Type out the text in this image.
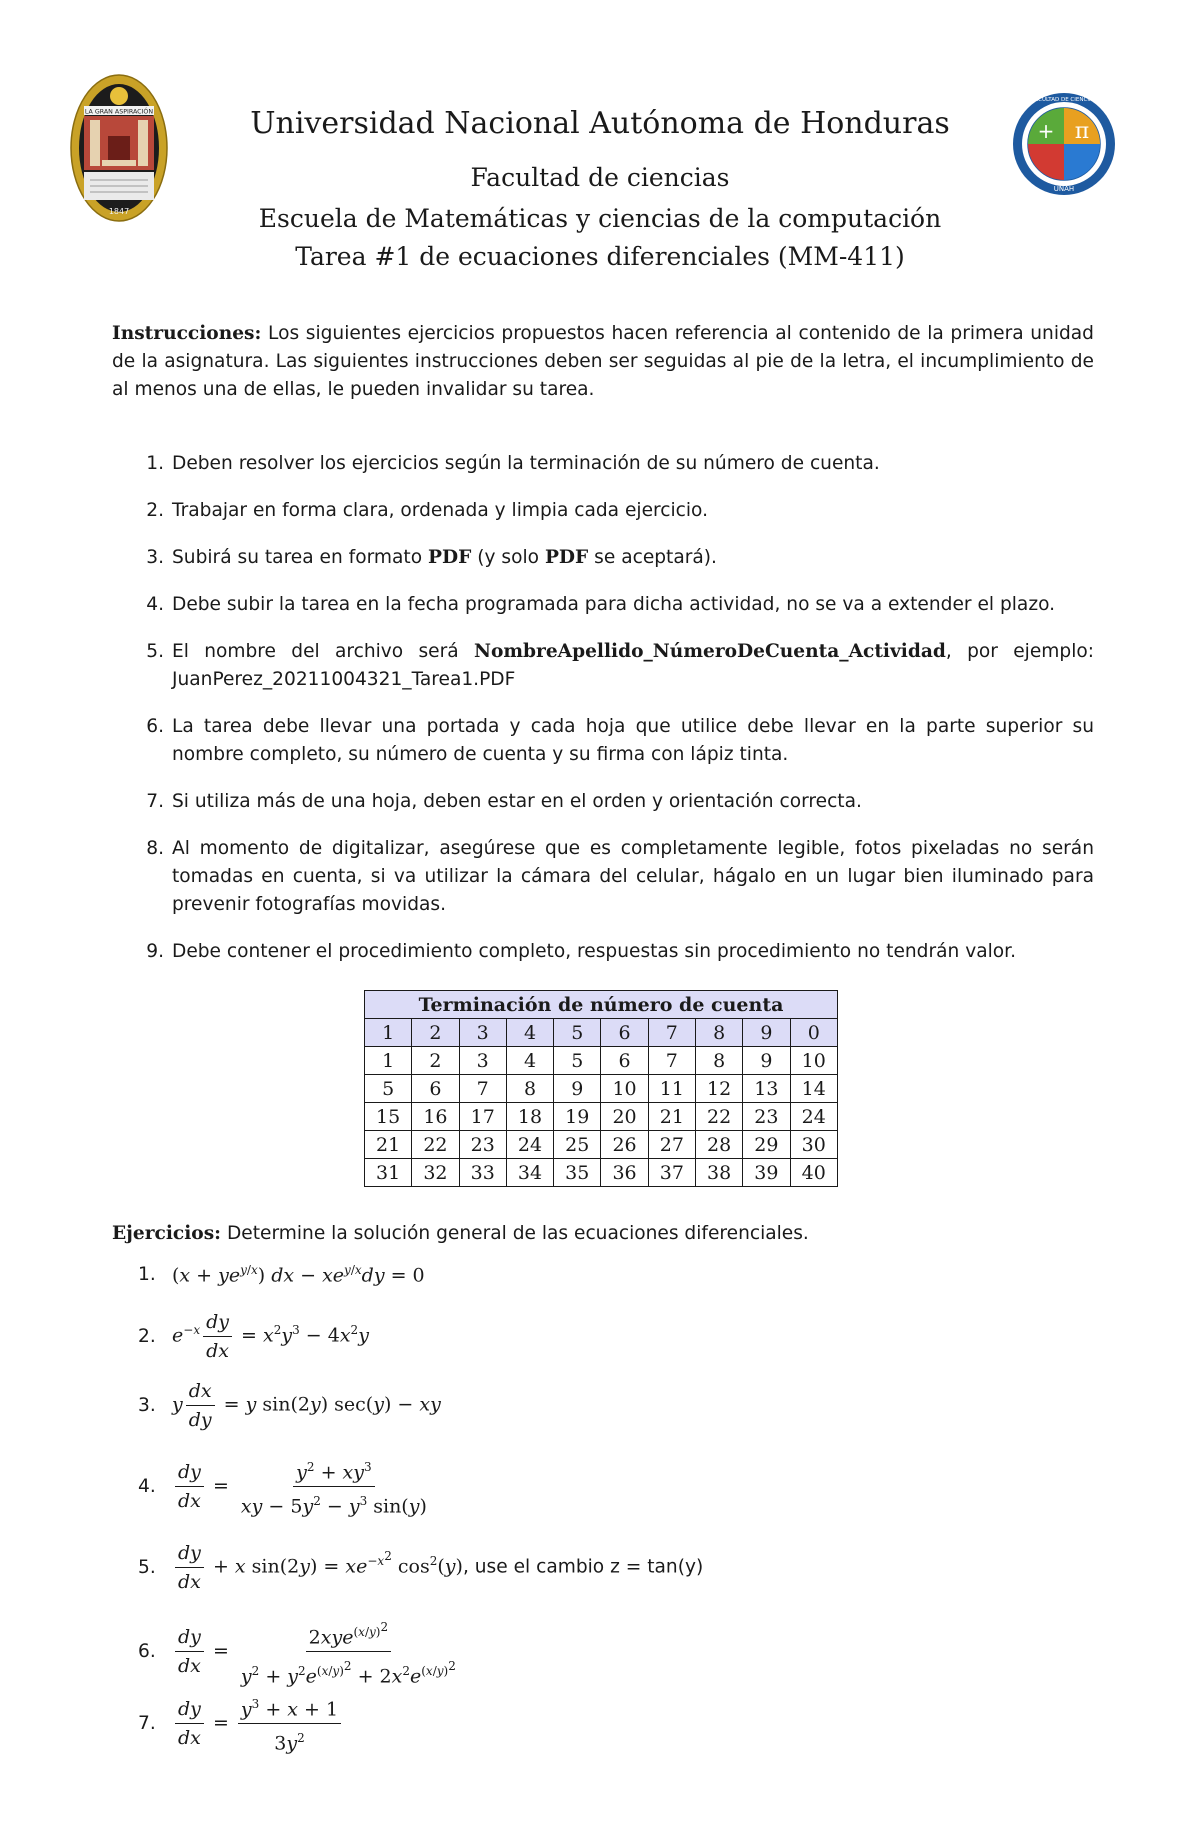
LA GRAN ASPIRACIÓN
1847
π
+
FACULTAD DE CIENCIAS
UNAH
Universidad Nacional Autónoma de Honduras
Facultad de ciencias
Escuela de Matemáticas y ciencias de la computación
Tarea #1 de ecuaciones diferenciales (MM-411)
Instrucciones: Los siguientes ejercicios propuestos hacen referencia al contenido de la primera unidad de la asignatura. Las siguientes instrucciones deben ser seguidas al pie de la letra, el incumplimiento de al menos una de ellas, le pueden invalidar su tarea.
1. Deben resolver los ejercicios según la terminación de su número de cuenta.
2. Trabajar en forma clara, ordenada y limpia cada ejercicio.
3. Subirá su tarea en formato PDF (y solo PDF se aceptará).
4. Debe subir la tarea en la fecha programada para dicha actividad, no se va a extender el plazo.
5. El nombre del archivo será NombreApellido_NúmeroDeCuenta_Actividad, por ejemplo: JuanPerez_20211004321_Tarea1.PDF
6. La tarea debe llevar una portada y cada hoja que utilice debe llevar en la parte superior su nombre completo, su número de cuenta y su firma con lápiz tinta.
7. Si utiliza más de una hoja, deben estar en el orden y orientación correcta.
8. Al momento de digitalizar, asegúrese que es completamente legible, fotos pixeladas no serán tomadas en cuenta, si va utilizar la cámara del celular, hágalo en un lugar bien iluminado para prevenir fotografías movidas.
9. Debe contener el procedimiento completo, respuestas sin procedimiento no tendrán valor.
Terminación de número de cuenta									
1	2	3	4	5	6	7	8	9	0
1	2	3	4	5	6	7	8	9	10
5	6	7	8	9	10	11	12	13	14
15	16	17	18	19	20	21	22	23	24
21	22	23	24	25	26	27	28	29	30
31	32	33	34	35	36	37	38	39	40
Ejercicios: Determine la solución general de las ecuaciones diferenciales.
1. $(x + ye^{y/x})$ dx − $xe^{y/x}dy = 0$
2. $e^{-x} \frac{dy}{dx} = x^2y^3 - 4x^2y$
3. y $\frac{dx}{dy} = y$ sin(2y) sec(y) − xy
4.	$\frac{dy}{dx} = \frac{y^2 + xy^3}{xy - 5y^2 - y^3 \sin(y)}$
5.	$\frac{dy}{dx} + x$ $\sin(2y) = xe^{-x^2}$ $\cos^2(y)$, use el cambio z = tan(y)
6.	$\frac{dy}{dx} = \frac{2xye^{(x/y)^2}}{y^2 + y^2e^{(x/y)^2} + 2x^2e^{(x/y)^2}}$
7.	$\frac{dy}{dx} = \frac{y^3 + x + 1}{3y^2}$
